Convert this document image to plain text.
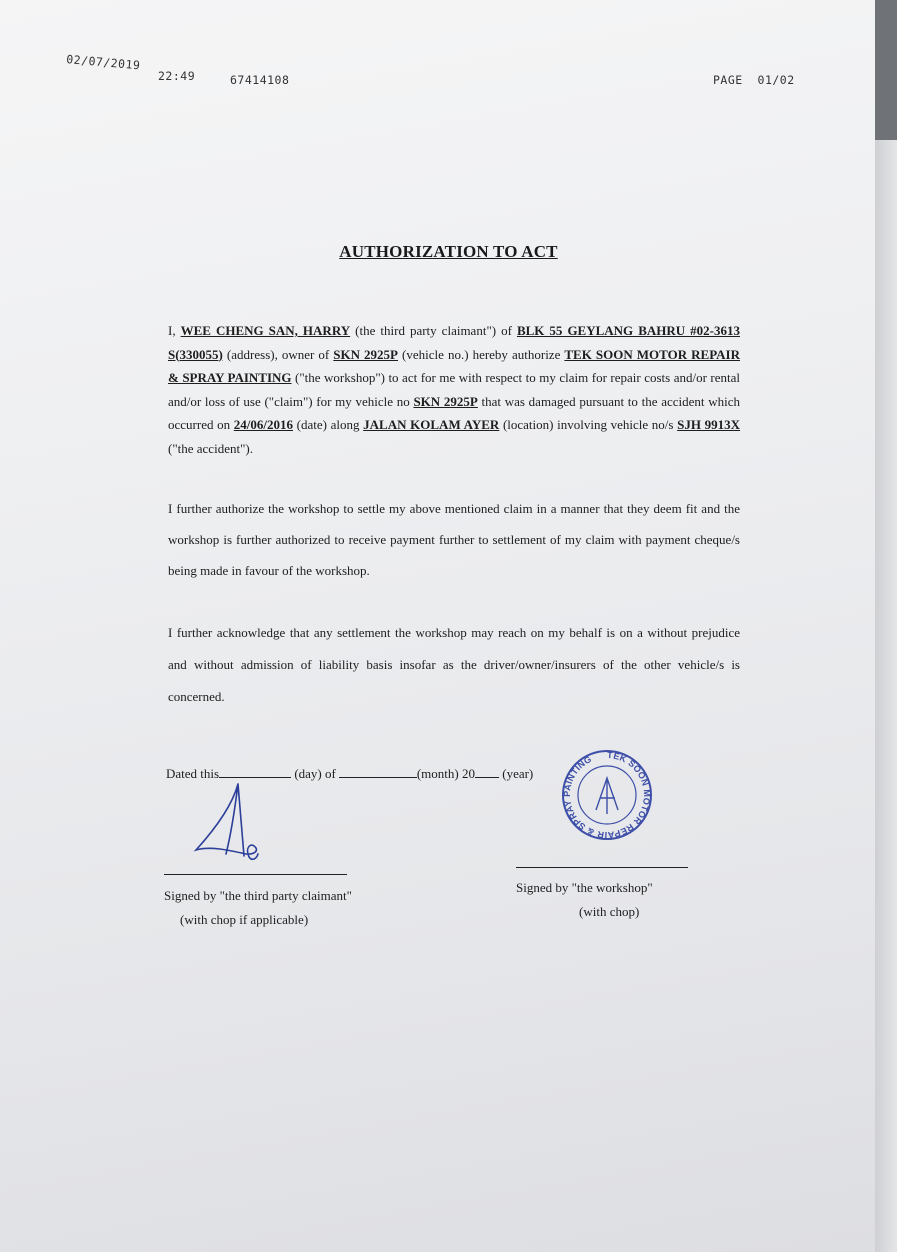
02/07/2019
22:49	67414108	PAGE  01/02
AUTHORIZATION TO ACT
I, WEE CHENG SAN, HARRY (the third party claimant") of BLK 55 GEYLANG BAHRU #02-3613 S(330055) (address), owner of SKN 2925P (vehicle no.) hereby authorize TEK SOON MOTOR REPAIR & SPRAY PAINTING ("the workshop") to act for me with respect to my claim for repair costs and/or rental and/or loss of use ("claim") for my vehicle no SKN 2925P that was damaged pursuant to the accident which occurred on 24/06/2016 (date) along JALAN KOLAM AYER (location) involving vehicle no/s SJH 9913X ("the accident").
I further authorize the workshop to settle my above mentioned claim in a manner that they deem fit and the workshop is further authorized to receive payment further to settlement of my claim with payment cheque/s being made in favour of the workshop.
I further acknowledge that any settlement the workshop may reach on my behalf is on a without prejudice and without admission of liability basis insofar as the driver/owner/insurers of the other vehicle/s is concerned.
Dated this	(day) of	(month) 20 (year)
Signed by "the third party claimant"
(with chop if applicable)
Signed by "the workshop"
(with chop)
TEK SOON MOTOR REPAIR & SPRAY PAINTING
